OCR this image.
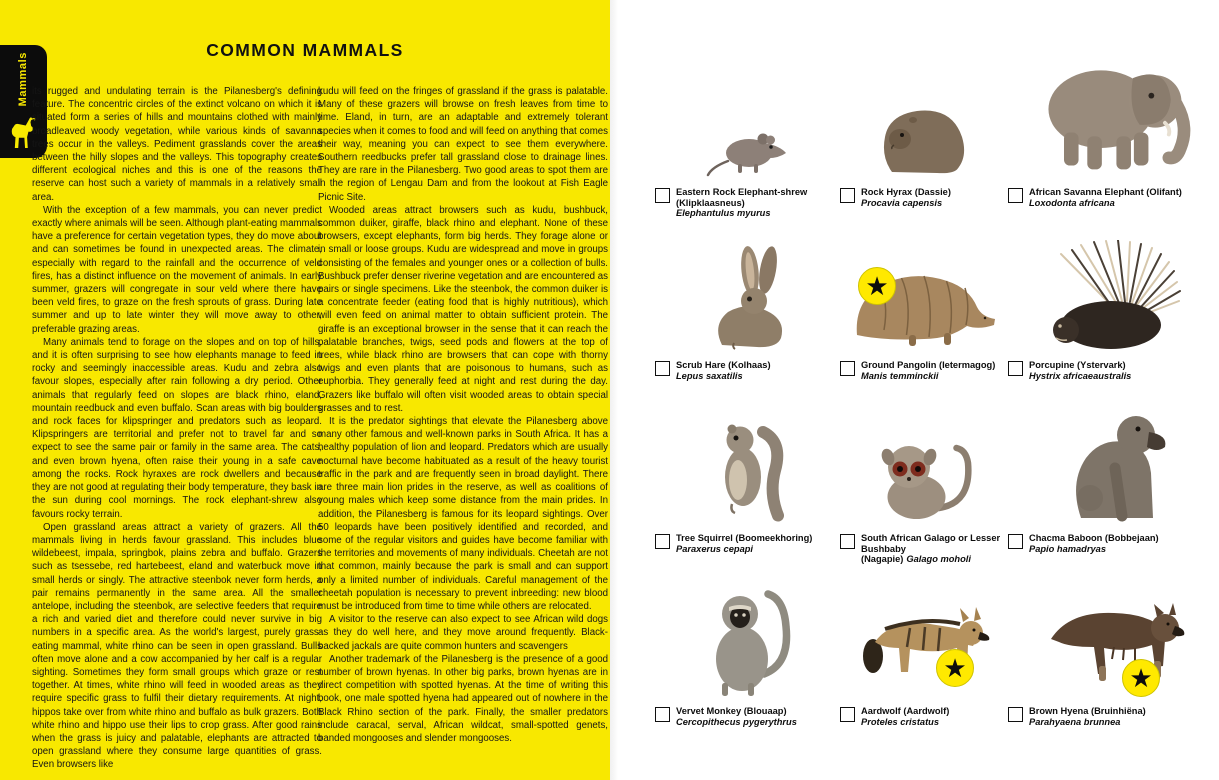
Mammals
COMMON MAMMALS

its rugged and undulating terrain is the Pilanesberg's defining feature. The concentric circles of the extinct volcano on which it is situated form a series of hills and mountains clothed with mainly broadleaved woody vegetation, while various kinds of savanna trees occur in the valleys. Pediment grasslands cover the areas between the hilly slopes and the valleys. This topography creates different ecological niches and this is one of the reasons the reserve can host such a variety of mammals in a relatively small area.

With the exception of a few mammals, you can never predict exactly where animals will be seen. Although plant-eating mammals have a preference for certain vegetation types, they do move about and can sometimes be found in unexpected areas. The climate, especially with regard to the rainfall and the occurrence of veld fires, has a distinct influence on the movement of animals. In early summer, grazers will congregate in sour veld where there have been veld fires, to graze on the fresh sprouts of grass. During late summer and up to late winter they will move away to other, preferable grazing areas.

Many animals tend to forage on the slopes and on top of hills, and it is often surprising to see how elephants manage to feed in rocky and seemingly inaccessible areas. Kudu and zebra also favour slopes, especially after rain following a dry period. Other animals that regularly feed on slopes are black rhino, eland, mountain reedbuck and even buffalo. Scan areas with big boulders and rock faces for klipspringer and predators such as leopard. Klipspringers are territorial and prefer not to travel far and so expect to see the same pair or family in the same area. The cats, and even brown hyena, often raise their young in a safe cave among the rocks. Rock hyraxes are rock dwellers and because they are not good at regulating their body temperature, they bask in the sun during cool mornings. The rock elephant-shrew also favours rocky terrain.

Open grassland areas attract a variety of grazers. All the mammals living in herds favour grassland. This includes blue wildebeest, impala, springbok, plains zebra and buffalo. Grazers such as tsessebe, red hartebeest, eland and waterbuck move in small herds or singly. The attractive steenbok never form herds, a pair remains permanently in the same area. All the smaller antelope, including the steenbok, are selective feeders that require a rich and varied diet and therefore could never survive in big numbers in a specific area. As the world's largest, purely grass-eating mammal, white rhino can be seen in open grassland. Bulls often move alone and a cow accompanied by her calf is a regular sighting. Sometimes they form small groups which graze or rest together. At times, white rhino will feed in wooded areas as they require specific grass to fulfil their dietary requirements. At night, hippos take over from white rhino and buffalo as bulk grazers. Both white rhino and hippo use their lips to crop grass. After good rains when the grass is juicy and palatable, elephants are attracted to open grassland where they consume large quantities of grass. Even browsers like

kudu will feed on the fringes of grassland if the grass is palatable. Many of these grazers will browse on fresh leaves from time to time. Eland, in turn, are an adaptable and extremely tolerant species when it comes to food and will feed on anything that comes their way, meaning you can expect to see them everywhere. Southern reedbucks prefer tall grassland close to drainage lines. They are rare in the Pilanesberg. Two good areas to spot them are in the region of Lengau Dam and from the lookout at Fish Eagle Picnic Site.

Wooded areas attract browsers such as kudu, bushbuck, common duiker, giraffe, black rhino and elephant. None of these browsers, except elephants, form big herds. They forage alone or in small or loose groups. Kudu are widespread and move in groups consisting of the females and younger ones or a collection of bulls. Bushbuck prefer denser riverine vegetation and are encountered as pairs or single specimens. Like the steenbok, the common duiker is a concentrate feeder (eating food that is highly nutritious), which will even feed on animal matter to obtain sufficient protein. The giraffe is an exceptional browser in the sense that it can reach the palatable branches, twigs, seed pods and flowers at the top of trees, while black rhino are browsers that can cope with thorny twigs and even plants that are poisonous to humans, such as euphorbia. They generally feed at night and rest during the day. Grazers like buffalo will often visit wooded areas to obtain special grasses and to rest.

It is the predator sightings that elevate the Pilanesberg above many other famous and well-known parks in South Africa. It has a healthy population of lion and leopard. Predators which are usually nocturnal have become habituated as a result of the heavy tourist traffic in the park and are frequently seen in broad daylight. There are three main lion prides in the reserve, as well as coalitions of young males which keep some distance from the main prides. In addition, the Pilanesberg is famous for its leopard sightings. Over 50 leopards have been positively identified and recorded, and some of the regular visitors and guides have become familiar with the territories and movements of many individuals. Cheetah are not that common, mainly because the park is small and can support only a limited number of individuals. Careful management of the cheetah population is necessary to prevent inbreeding: new blood must be introduced from time to time while others are relocated.

A visitor to the reserve can also expect to see African wild dogs as they do well here, and they move around frequently. Black-backed jackals are quite common hunters and scavengers

Another trademark of the Pilanesberg is the presence of a good number of brown hyenas. In other big parks, brown hyenas are in direct competition with spotted hyenas. At the time of writing this book, one male spotted hyena had appeared out of nowhere in the Black Rhino section of the park. Finally, the smaller predators include caracal, serval, African wildcat, small-spotted genets, banded mongooses and slender mongooses.

Eastern Rock Elephant-shrew (Klipklaasneus)
Elephantulus myurus
Rock Hyrax (Dassie)
Procavia capensis
African Savanna Elephant (Olifant)
Loxodonta africana
Scrub Hare (Kolhaas)
Lepus saxatilis
★
Ground Pangolin (Ietermagog)
Manis temminckii
Porcupine (Ystervark)
Hystrix africaeaustralis
Tree Squirrel (Boomeekhoring)
Paraxerus cepapi
South African Galago or Lesser Bushbaby
(Nagapie) Galago moholi
Chacma Baboon (Bobbejaan)
Papio hamadryas
Vervet Monkey (Blouaap)
Cercopithecus pygerythrus
★
Aardwolf (Aardwolf)
Proteles cristatus
★
Brown Hyena (Bruinhiëna)
Parahyaena brunnea
